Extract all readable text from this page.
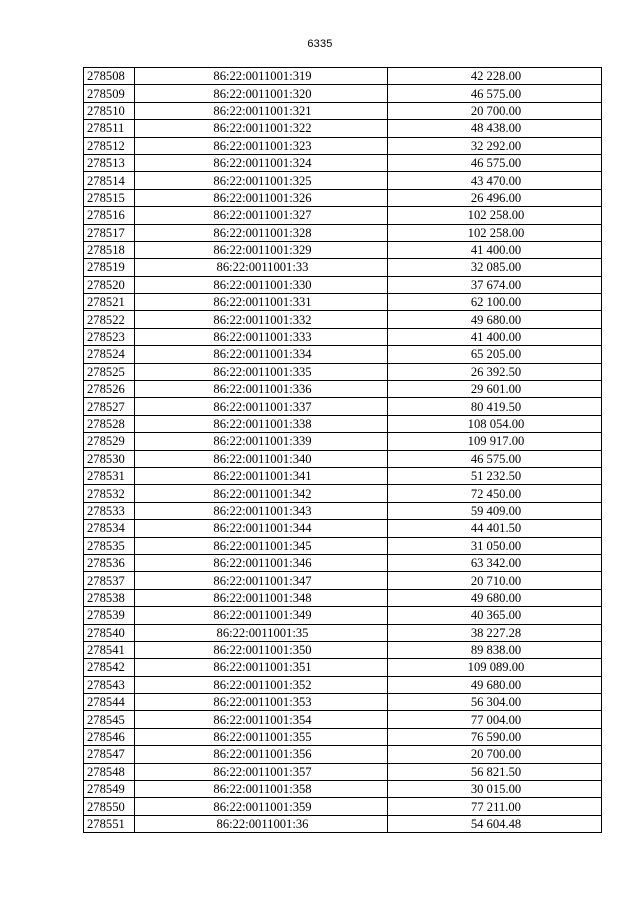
6335
278508	86:22:0011001:319	42 228.00
278509	86:22:0011001:320	46 575.00
278510	86:22:0011001:321	20 700.00
278511	86:22:0011001:322	48 438.00
278512	86:22:0011001:323	32 292.00
278513	86:22:0011001:324	46 575.00
278514	86:22:0011001:325	43 470.00
278515	86:22:0011001:326	26 496.00
278516	86:22:0011001:327	102 258.00
278517	86:22:0011001:328	102 258.00
278518	86:22:0011001:329	41 400.00
278519	86:22:0011001:33	32 085.00
278520	86:22:0011001:330	37 674.00
278521	86:22:0011001:331	62 100.00
278522	86:22:0011001:332	49 680.00
278523	86:22:0011001:333	41 400.00
278524	86:22:0011001:334	65 205.00
278525	86:22:0011001:335	26 392.50
278526	86:22:0011001:336	29 601.00
278527	86:22:0011001:337	80 419.50
278528	86:22:0011001:338	108 054.00
278529	86:22:0011001:339	109 917.00
278530	86:22:0011001:340	46 575.00
278531	86:22:0011001:341	51 232.50
278532	86:22:0011001:342	72 450.00
278533	86:22:0011001:343	59 409.00
278534	86:22:0011001:344	44 401.50
278535	86:22:0011001:345	31 050.00
278536	86:22:0011001:346	63 342.00
278537	86:22:0011001:347	20 710.00
278538	86:22:0011001:348	49 680.00
278539	86:22:0011001:349	40 365.00
278540	86:22:0011001:35	38 227.28
278541	86:22:0011001:350	89 838.00
278542	86:22:0011001:351	109 089.00
278543	86:22:0011001:352	49 680.00
278544	86:22:0011001:353	56 304.00
278545	86:22:0011001:354	77 004.00
278546	86:22:0011001:355	76 590.00
278547	86:22:0011001:356	20 700.00
278548	86:22:0011001:357	56 821.50
278549	86:22:0011001:358	30 015.00
278550	86:22:0011001:359	77 211.00
278551	86:22:0011001:36	54 604.48
